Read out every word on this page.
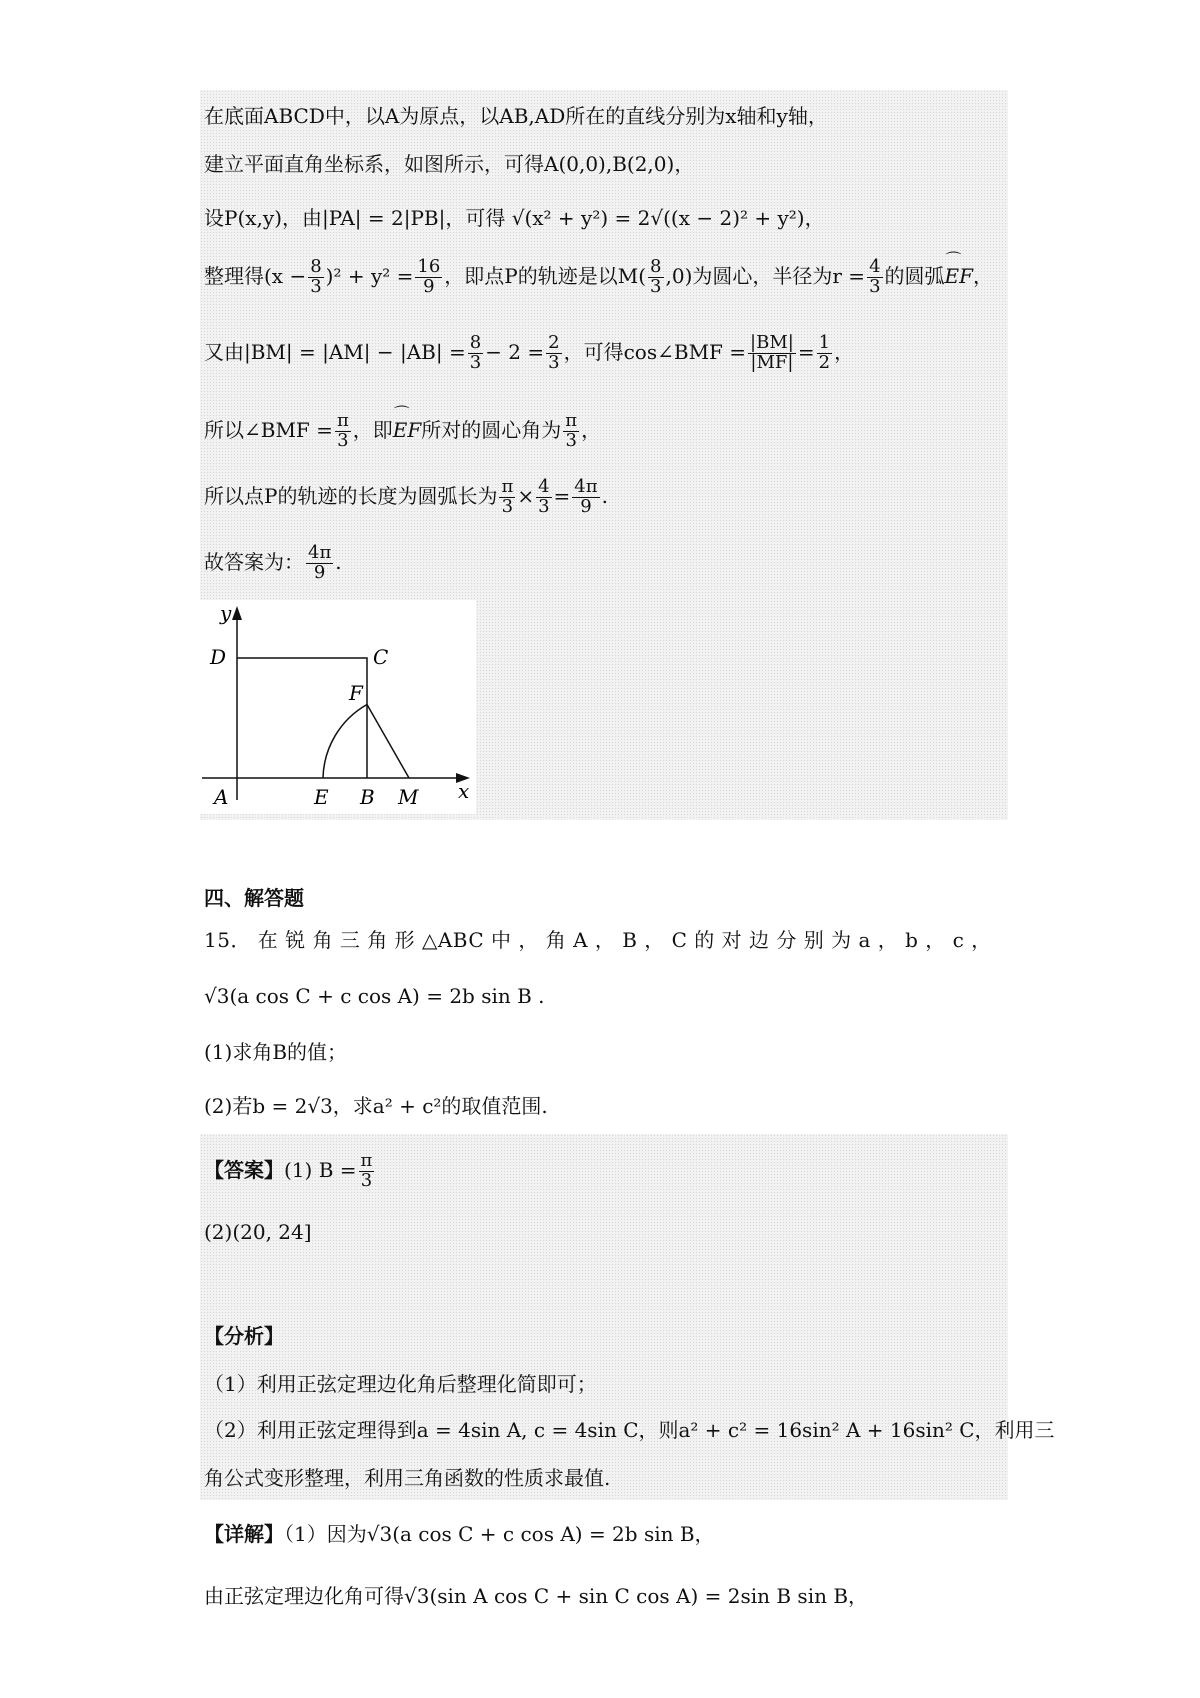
在底面ABCD中，以A为原点，以AB,AD所在的直线分别为x轴和y轴，
建立平面直角坐标系，如图所示，可得A(0,0),B(2,0)，
设P(x,y)，由|PA| = 2|PB|，可得 √(x² + y²) = 2√((x − 2)² + y²)，
整理得$(x - \frac{8}{3} )^2 + y^2 = \frac{16}{9}$ ，即点P的轨迹是以$M( \frac{8}{3} ,0)$为圆心，半径为$r = \frac{4}{3}$ 的圆弧⌒ EF，
又由$|BM| = |AM| - |AB| = \frac{8}{3} - 2 = \frac{2}{3}$ ，可得cos∠BMF = $\frac{|BM|}{|MF|} = \frac{1}{2}$ ，
所以∠BMF = $\frac{\pi}{3}$ ，即⌒ EF所对的圆心角为 $\frac{\pi}{3}$ ，
所以点P的轨迹的长度为圆弧长为 $\frac{\pi}{3} \times \frac{4}{3} = \frac{4\pi}{9}$ .
故答案为： $\frac{4\pi}{9}$ .
y
x
D	C
F
A	E B M
四、解答题
15． 在 锐 角 三 角 形 △ABC 中 ， 角 A ， B ， C 的 对 边 分 别 为 a ， b ， c ，
√3(a cos C + c cos A) = 2b sin B .
(1)求角B的值；
(2)若b = 2√3，求a² + c²的取值范围.
【答案】(1) $B = \frac{\pi}{3}$
(2)(20, 24]
【分析】
（1）利用正弦定理边化角后整理化简即可；
（2）利用正弦定理得到a = 4sin A, c = 4sin C，则a² + c² = 16sin² A + 16sin² C，利用三
角公式变形整理，利用三角函数的性质求最值.
【详解】（1）因为√3(a cos C + c cos A) = 2b sin B，
由正弦定理边化角可得√3(sin A cos C + sin C cos A) = 2sin B sin B，
